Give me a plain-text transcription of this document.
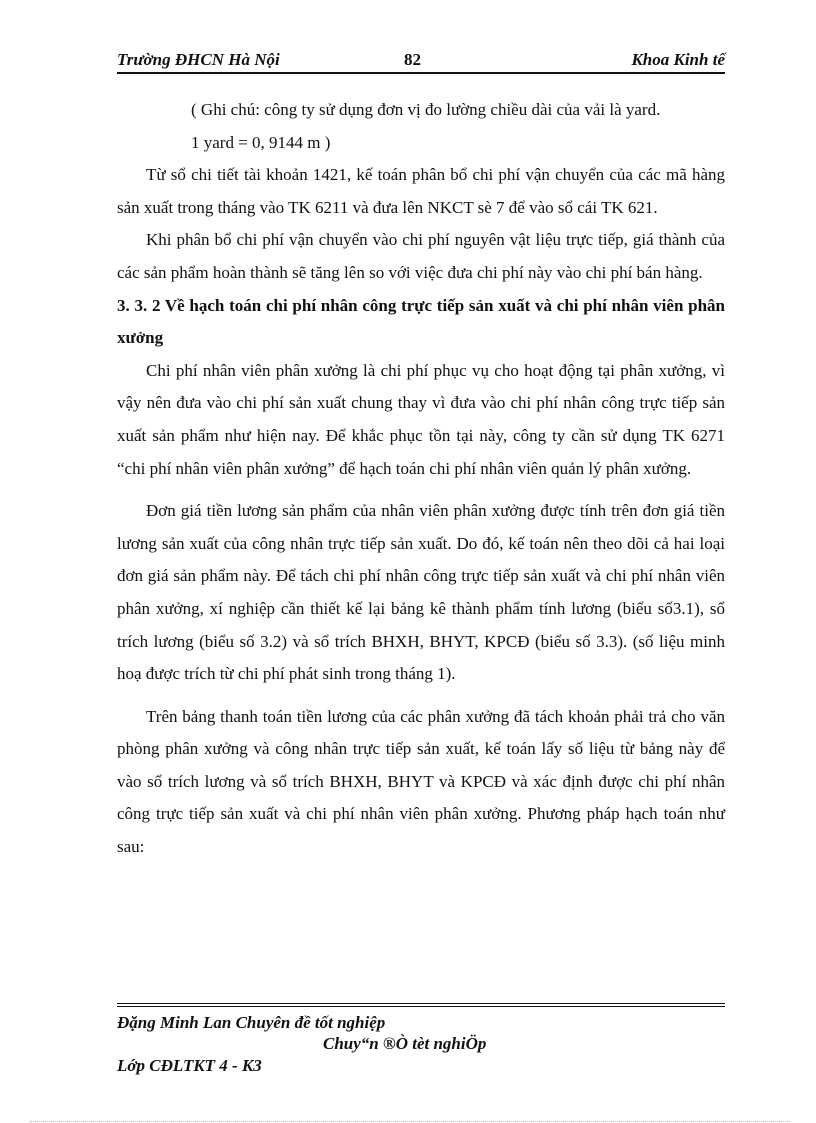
Trường ĐHCN Hà Nội	82	Khoa Kinh tế

( Ghi chú: công ty sử dụng đơn vị đo lường chiều dài của vải là yard.

1 yard = 0, 9144 m )

Từ sổ chi tiết tài khoản 1421, kế toán phân bổ chi phí vận chuyển của các mã hàng sản xuất trong tháng vào TK 6211 và đưa lên NKCT sè 7 để vào sổ cái TK 621.

Khi phân bổ chi phí vận chuyển vào chi phí nguyên vật liệu trực tiếp, giá thành của các sản phẩm hoàn thành sẽ tăng lên so với việc đưa chi phí này vào chi phí bán hàng.

3. 3. 2 Về hạch toán chi phí nhân công trực tiếp sản xuất và chi phí nhân viên phân xưởng

Chi phí nhân viên phân xưởng là chi phí phục vụ cho hoạt động tại phân xưởng, vì vậy nên đưa vào chi phí sản xuất chung thay vì đưa vào chi phí nhân công trực tiếp sản xuất sản phẩm như hiện nay. Để khắc phục tồn tại này, công ty cần sử dụng TK 6271 “chi phí nhân viên phân xưởng” để hạch toán chi phí nhân viên quản lý phân xưởng.

Đơn giá tiền lương sản phẩm của nhân viên phân xưởng được tính trên đơn giá tiền lương sản xuất của công nhân trực tiếp sản xuất. Do đó, kế toán nên theo dõi cả hai loại đơn giá sản phẩm này. Để tách chi phí nhân công trực tiếp sản xuất và chi phí nhân viên phân xưởng, xí nghiệp cần thiết kế lại bảng kê thành phẩm tính lương (biểu số3.1), sổ trích lương (biểu số 3.2) và sổ trích BHXH, BHYT, KPCĐ (biểu số 3.3). (số liệu minh hoạ được trích từ chi phí phát sinh trong tháng 1).

Trên bảng thanh toán tiền lương của các phân xưởng đã tách khoản phải trả cho văn phòng phân xưởng và công nhân trực tiếp sản xuất, kế toán lấy số liệu từ bảng này để vào sổ trích lương và sổ trích BHXH, BHYT và KPCĐ và xác định được chi phí nhân công trực tiếp sản xuất và chi phí nhân viên phân xưởng. Phương pháp hạch toán như sau:

Đặng Minh Lan Chuyên đề tốt nghiệp
Chuy“n ®Ò tèt nghiÖp
Lớp CĐLTKT 4 - K3
